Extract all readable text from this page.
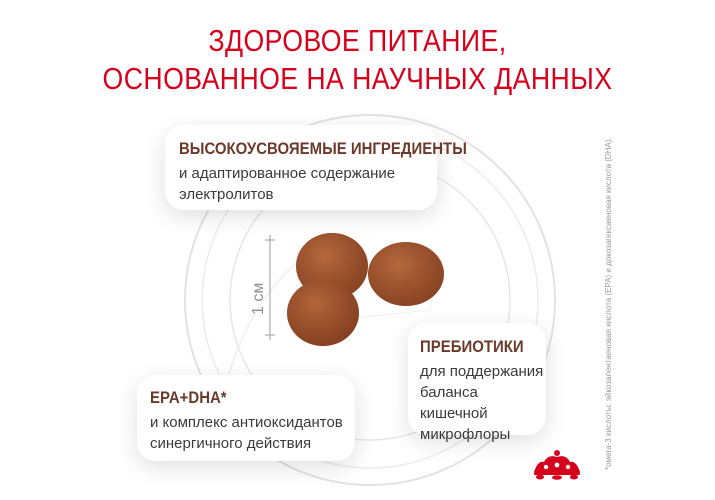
ЗДОРОВОЕ ПИТАНИЕ,
ОСНОВАННОЕ НА НАУЧНЫХ ДАННЫХ
1 см
ВЫСОКОУСВОЯЕМЫЕ ИНГРЕДИЕНТЫ
и адаптированное содержание
электролитов
ПРЕБИОТИКИ
для поддержания
баланса кишечной
микрофлоры
EPA+DHA*
и комплекс антиоксидантов
синергичного действия	*омега-3 кислоты: эйкозапентаеновая кислота (EPA) и докозагексаеновая кислота (DHA).
